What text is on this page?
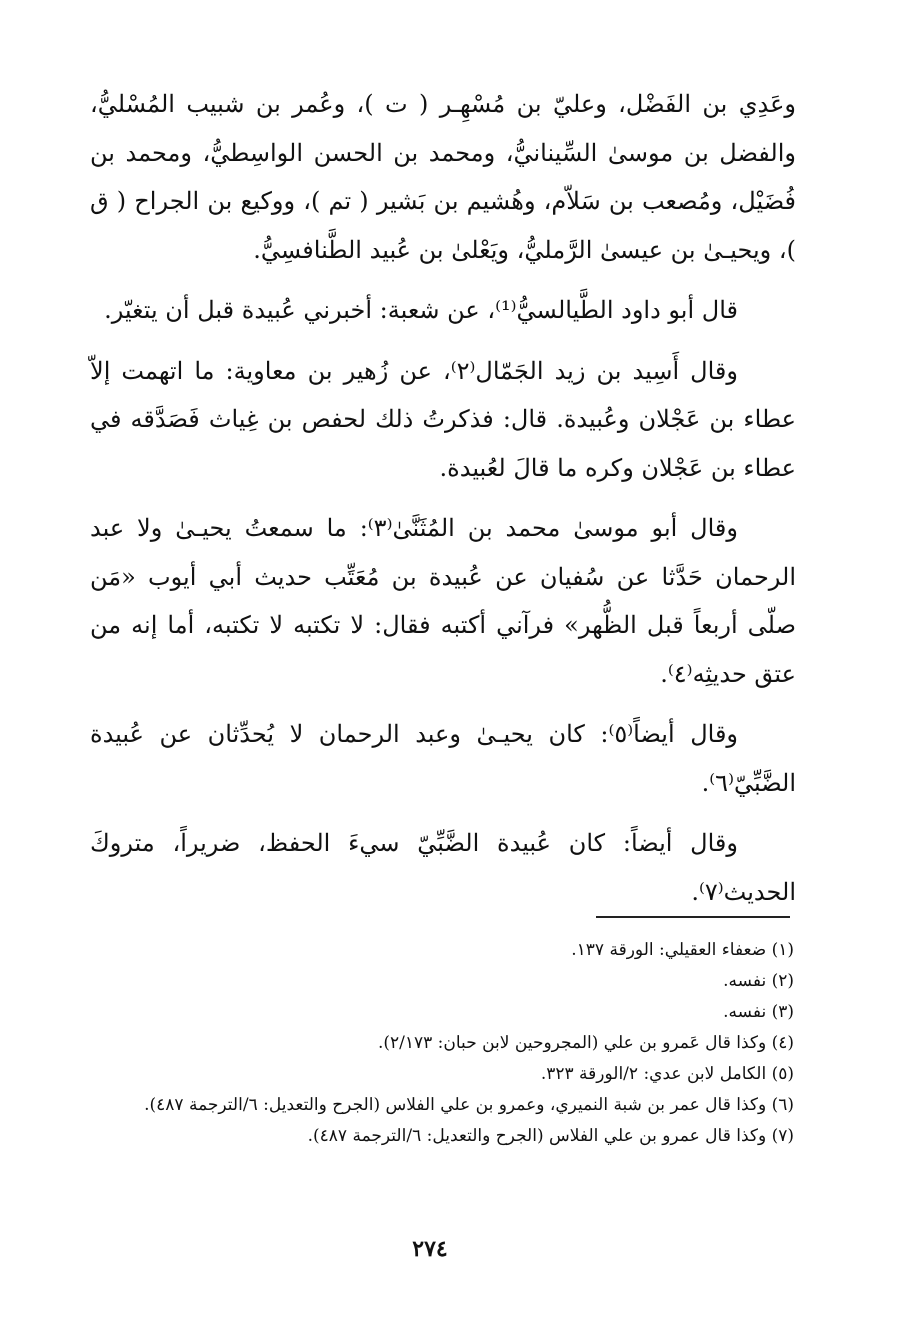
وعَدِي بن الفَضْل، وعليّ بن مُسْهِـر ( ت )، وعُمر بن شبيب المُسْليُّ، والفضل بن موسىٰ السِّينانيُّ، ومحمد بن الحسن الواسِطيُّ، ومحمد بن فُضَيْل، ومُصعب بن سَلاّم، وهُشيم بن بَشير ( تم )، ووكيع بن الجراح ( ق )، ويحيـىٰ بن عيسىٰ الرَّمليُّ، ويَعْلىٰ بن عُبيد الطَّنافسِيُّ.

قال أبو داود الطَّيالسيُّ⁽¹⁾، عن شعبة: أخبرني عُبيدة قبل أن يتغيّر.

وقال أَسِيد بن زيد الجَمّال⁽٢⁾، عن زُهير بن معاوية: ما اتهمت إلاّ عطاء بن عَجْلان وعُبيدة. قال: فذكرتُ ذلك لحفص بن غِياث فَصَدَّقه في عطاء بن عَجْلان وكره ما قالَ لعُبيدة.

وقال أبو موسىٰ محمد بن المُثَنَّىٰ⁽٣⁾: ما سمعتُ يحيـىٰ ولا عبد الرحمان حَدَّثا عن سُفيان عن عُبيدة بن مُعَتِّب حديث أبي أيوب «مَن صلّى أربعاً قبل الظُّهر» فرآني أكتبه فقال: لا تكتبه لا تكتبه، أما إنه من عتق حديثِه⁽٤⁾.

وقال أيضاً⁽٥⁾: كان يحيـىٰ وعبد الرحمان لا يُحدِّثان عن عُبيدة الضَّبِّيّ⁽٦⁾.

وقال أيضاً: كان عُبيدة الضَّبِّيّ سيءَ الحفظ، ضريراً، متروكَ الحديث⁽٧⁾.

(١) ضعفاء العقيلي: الورقة ١٣٧.

(٢) نفسه.

(٣) نفسه.

(٤) وكذا قال عَمرو بن علي (المجروحين لابن حبان: ٢/١٧٣).

(٥) الكامل لابن عدي: ٢/الورقة ٣٢٣.

(٦) وكذا قال عمر بن شبة النميري، وعمرو بن علي الفلاس (الجرح والتعديل: ٦/الترجمة ٤٨٧).

(٧) وكذا قال عمرو بن علي الفلاس (الجرح والتعديل: ٦/الترجمة ٤٨٧).

٢٧٤
